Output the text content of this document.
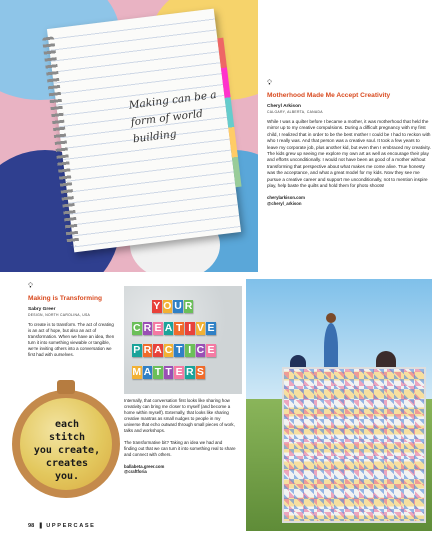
Making can be a form of world building
💡︎
Motherhood Made Me Accept Creativity
Cheryl Arkison
CALGARY, ALBERTA, CANADA
While I was a quilter before I became a mother, it was motherhood that held the mirror up to my creative compulsions. During a difficult pregnancy with my first child, I realized that in order to be the best mother I could be I had to reckon with who I really was. And that person was a creative soul. It took a few years to leave my corporate job, plus another kid, but even then I embraced my creativity. The kids grew up seeing me explore my own art as well as encourage their play and efforts unconditionally. I would not have been as good of a mother without transforming that perspective about what makes me come alive. True honesty was the acceptance, and what a great model for my kids. Now they see me pursue a creative career and support me unconditionally, not to mention inspire play, help baste the quilts and hold them for photo shoots!
cherylarkison.com
@cheryl_arkison
💡︎
Making is Transforming
Sabry Greer
DESIGN, NORTH CAROLINA, USA
To create is to transform. The act of creating is an act of hope, but also an act of transformation. When we have an idea, then turn it into something viewable or tangible, we're inviting others into a conversation we first had with ourselves.
Y O U R
C R E A T I V E
P R A C T I C E
M A T T E R S
Internally, that conversation first looks like sharing how creativity can bring me closer to myself (and become a home within myself). Externally, that looks like sharing creative mantras as small nudges to people in my universe that echo outward through small pieces of work, talks and workshops.
The transformative bit? Taking an idea we had and finding out that we can turn it into something real to share and connect with others.
ballabeta.greer.com
@craftforia
each
stitch
you create,
creates
you.
98 ||| UPPERCASE
